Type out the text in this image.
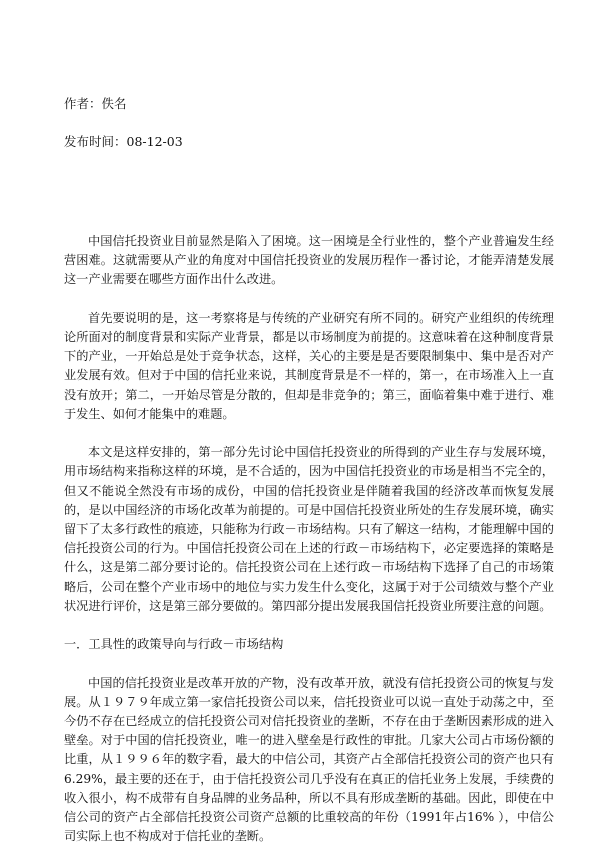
作者：佚名
发布时间：08-12-03

中国信托投资业目前显然是陷入了困境。这一困境是全行业性的，整个产业普遍发生经营困难。这就需要从产业的角度对中国信托投资业的发展历程作一番讨论，才能弄清楚发展这一产业需要在哪些方面作出什么改进。

首先要说明的是，这一考察将是与传统的产业研究有所不同的。研究产业组织的传统理论所面对的制度背景和实际产业背景，都是以市场制度为前提的。这意味着在这种制度背景下的产业，一开始总是处于竞争状态，这样，关心的主要是是否要限制集中、集中是否对产业发展有效。但对于中国的信托业来说，其制度背景是不一样的，第一，在市场准入上一直没有放开；第二，一开始尽管是分散的，但却是非竞争的；第三，面临着集中难于进行、难于发生、如何才能集中的难题。

本文是这样安排的，第一部分先讨论中国信托投资业的所得到的产业生存与发展环境，用市场结构来指称这样的环境，是不合适的，因为中国信托投资业的市场是相当不完全的，但又不能说全然没有市场的成份，中国的信托投资业是伴随着我国的经济改革而恢复发展的，是以中国经济的市场化改革为前提的。可是中国信托投资业所处的生存发展环境，确实留下了太多行政性的痕迹，只能称为行政－市场结构。只有了解这一结构，才能理解中国的信托投资公司的行为。中国信托投资公司在上述的行政－市场结构下，必定要选择的策略是什么，这是第二部分要讨论的。信托投资公司在上述行政－市场结构下选择了自己的市场策略后，公司在整个产业市场中的地位与实力发生什么变化，这属于对于公司绩效与整个产业状况进行评价，这是第三部分要做的。第四部分提出发展我国信托投资业所要注意的问题。

一．工具性的政策导向与行政－市场结构

中国的信托投资业是改革开放的产物，没有改革开放，就没有信托投资公司的恢复与发展。从１９７９年成立第一家信托投资公司以来，信托投资业可以说一直处于动荡之中，至今仍不存在已经成立的信托投资公司对信托投资业的垄断，不存在由于垄断因素形成的进入壁垒。对于中国的信托投资业，唯一的进入壁垒是行政性的审批。几家大公司占市场份额的比重，从１９９６年的数字看，最大的中信公司，其资产占全部信托投资公司的资产也只有6.29%，最主要的还在于，由于信托投资公司几乎没有在真正的信托业务上发展，手续费的收入很小，构不成带有自身品牌的业务品种，所以不具有形成垄断的基础。因此，即使在中信公司的资产占全部信托投资公司资产总额的比重较高的年份（1991年占16% ），中信公司实际上也不构成对于信托业的垄断。
